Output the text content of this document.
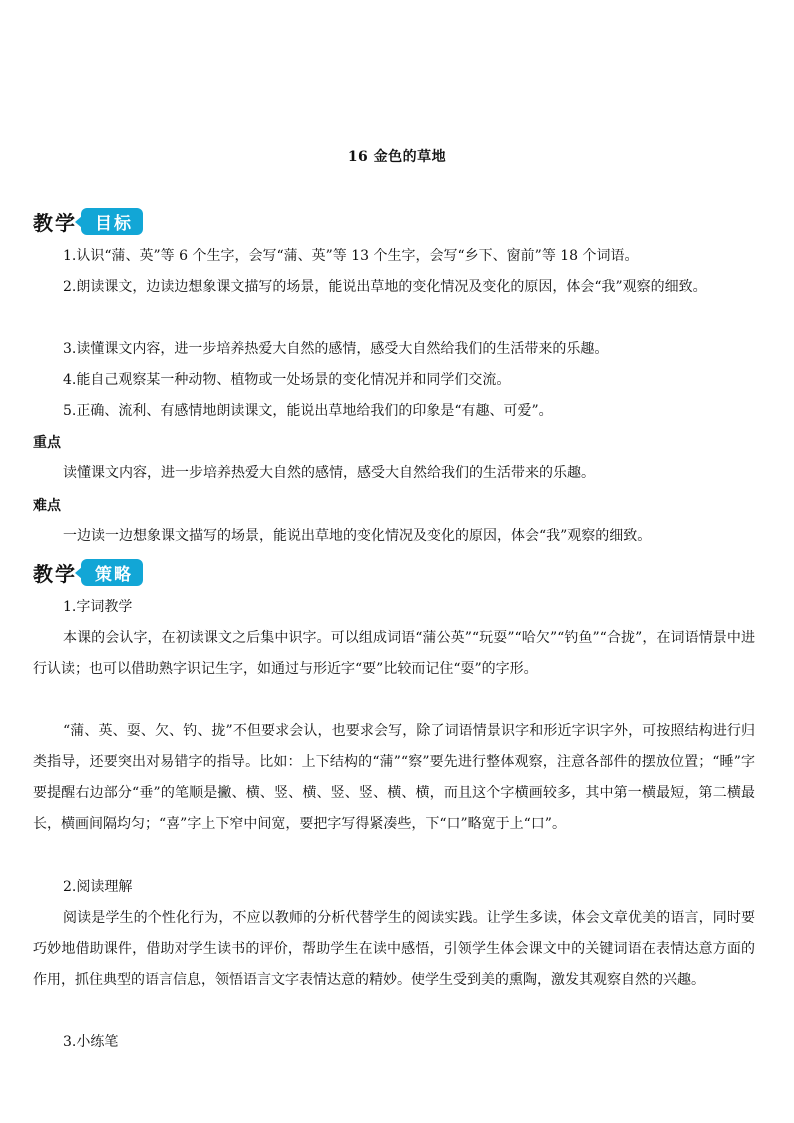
16 金色的草地
教学 目标
1.认识“蒲、英”等 6 个生字，会写“蒲、英”等 13 个生字，会写“乡下、窗前”等 18 个词语。
2.朗读课文，边读边想象课文描写的场景，能说出草地的变化情况及变化的原因，体会“我”观察的细致。
3.读懂课文内容，进一步培养热爱大自然的感情，感受大自然给我们的生活带来的乐趣。
4.能自己观察某一种动物、植物或一处场景的变化情况并和同学们交流。
5.正确、流利、有感情地朗读课文，能说出草地给我们的印象是“有趣、可爱”。
重点
读懂课文内容，进一步培养热爱大自然的感情，感受大自然给我们的生活带来的乐趣。
难点
一边读一边想象课文描写的场景，能说出草地的变化情况及变化的原因，体会“我”观察的细致。
教学 策略
1.字词教学
本课的会认字，在初读课文之后集中识字。可以组成词语“蒲公英”“玩耍”“哈欠”“钓鱼”“合拢”，在词语情景中进行认读；也可以借助熟字识记生字，如通过与形近字“要”比较而记住“耍”的字形。
“蒲、英、耍、欠、钓、拢”不但要求会认，也要求会写，除了词语情景识字和形近字识字外，可按照结构进行归类指导，还要突出对易错字的指导。比如：上下结构的“蒲”“察”要先进行整体观察，注意各部件的摆放位置；“睡”字要提醒右边部分“垂”的笔顺是撇、横、竖、横、竖、竖、横、横，而且这个字横画较多，其中第一横最短，第二横最长，横画间隔均匀；“喜”字上下窄中间宽，要把字写得紧凑些，下“口”略宽于上“口”。
2.阅读理解
阅读是学生的个性化行为，不应以教师的分析代替学生的阅读实践。让学生多读，体会文章优美的语言，同时要巧妙地借助课件，借助对学生读书的评价，帮助学生在读中感悟，引领学生体会课文中的关键词语在表情达意方面的作用，抓住典型的语言信息，领悟语言文字表情达意的精妙。使学生受到美的熏陶，激发其观察自然的兴趣。
3.小练笔
